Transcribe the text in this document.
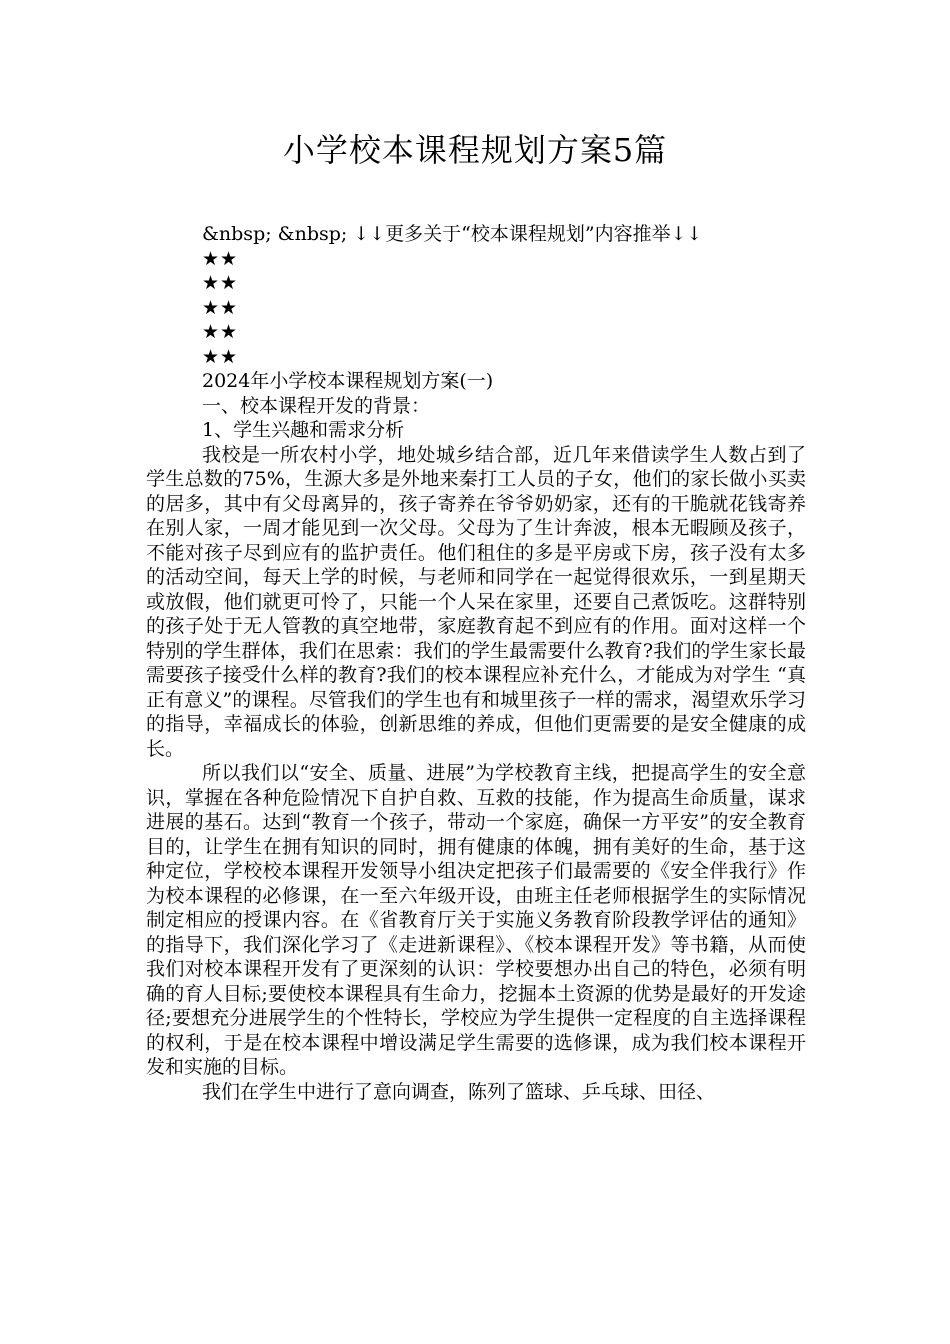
小学校本课程规划方案5篇

&nbsp; &nbsp; ↓↓更多关于“校本课程规划”内容推举↓↓

★★

★★

★★

★★

★★

2024年小学校本课程规划方案(一)

一、校本课程开发的背景：

1、学生兴趣和需求分析

我校是一所农村小学，地处城乡结合部，近几年来借读学生人数占到了学生总数的75%，生源大多是外地来秦打工人员的子女，他们的家长做小买卖的居多，其中有父母离异的，孩子寄养在爷爷奶奶家，还有的干脆就花钱寄养在别人家，一周才能见到一次父母。父母为了生计奔波，根本无暇顾及孩子，不能对孩子尽到应有的监护责任。他们租住的多是平房或下房，孩子没有太多的活动空间，每天上学的时候，与老师和同学在一起觉得很欢乐，一到星期天或放假，他们就更可怜了，只能一个人呆在家里，还要自己煮饭吃。这群特别的孩子处于无人管教的真空地带，家庭教育起不到应有的作用。面对这样一个特别的学生群体，我们在思索：我们的学生最需要什么教育?我们的学生家长最需要孩子接受什么样的教育?我们的校本课程应补充什么，才能成为对学生 “真正有意义”的课程。尽管我们的学生也有和城里孩子一样的需求，渴望欢乐学习的指导，幸福成长的体验，创新思维的养成，但他们更需要的是安全健康的成长。

所以我们以“安全、质量、进展”为学校教育主线，把提高学生的安全意识，掌握在各种危险情况下自护自救、互救的技能，作为提高生命质量，谋求进展的基石。达到“教育一个孩子，带动一个家庭，确保一方平安”的安全教育目的，让学生在拥有知识的同时，拥有健康的体魄，拥有美好的生命，基于这种定位，学校校本课程开发领导小组决定把孩子们最需要的《安全伴我行》作为校本课程的必修课，在一至六年级开设，由班主任老师根据学生的实际情况制定相应的授课内容。在《省教育厅关于实施义务教育阶段教学评估的通知》的指导下，我们深化学习了《走进新课程》、《校本课程开发》等书籍，从而使我们对校本课程开发有了更深刻的认识：学校要想办出自己的特色，必须有明确的育人目标;要使校本课程具有生命力，挖掘本土资源的优势是最好的开发途径;要想充分进展学生的个性特长，学校应为学生提供一定程度的自主选择课程的权利，于是在校本课程中增设满足学生需要的选修课，成为我们校本课程开发和实施的目标。

我们在学生中进行了意向调查，陈列了篮球、乒乓球、田径、
